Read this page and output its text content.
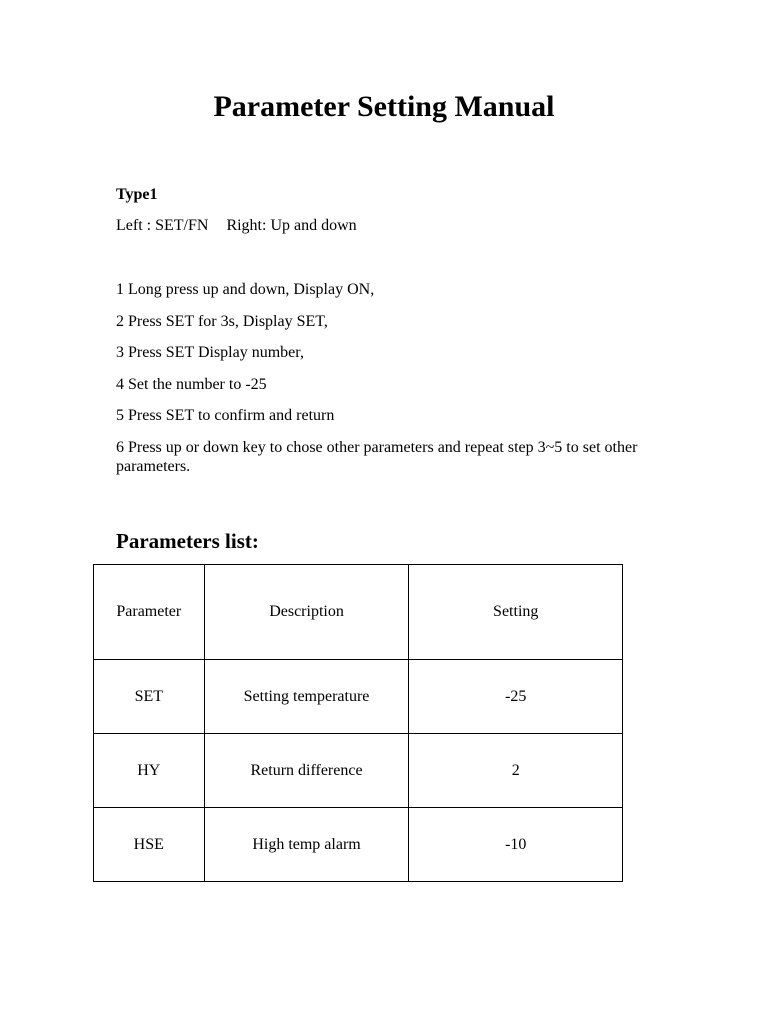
Parameter Setting Manual
Type1
Left : SET/FN Right: Up and down
1 Long press up and down, Display ON,
2 Press SET for 3s, Display SET,
3 Press SET Display number,
4 Set the number to -25
5 Press SET to confirm and return
6 Press up or down key to chose other parameters and repeat step 3~5 to set other parameters.
Parameters list:
Parameter	Description	Setting
SET	Setting temperature	-25
HY	Return difference	2
HSE	High temp alarm	-10
